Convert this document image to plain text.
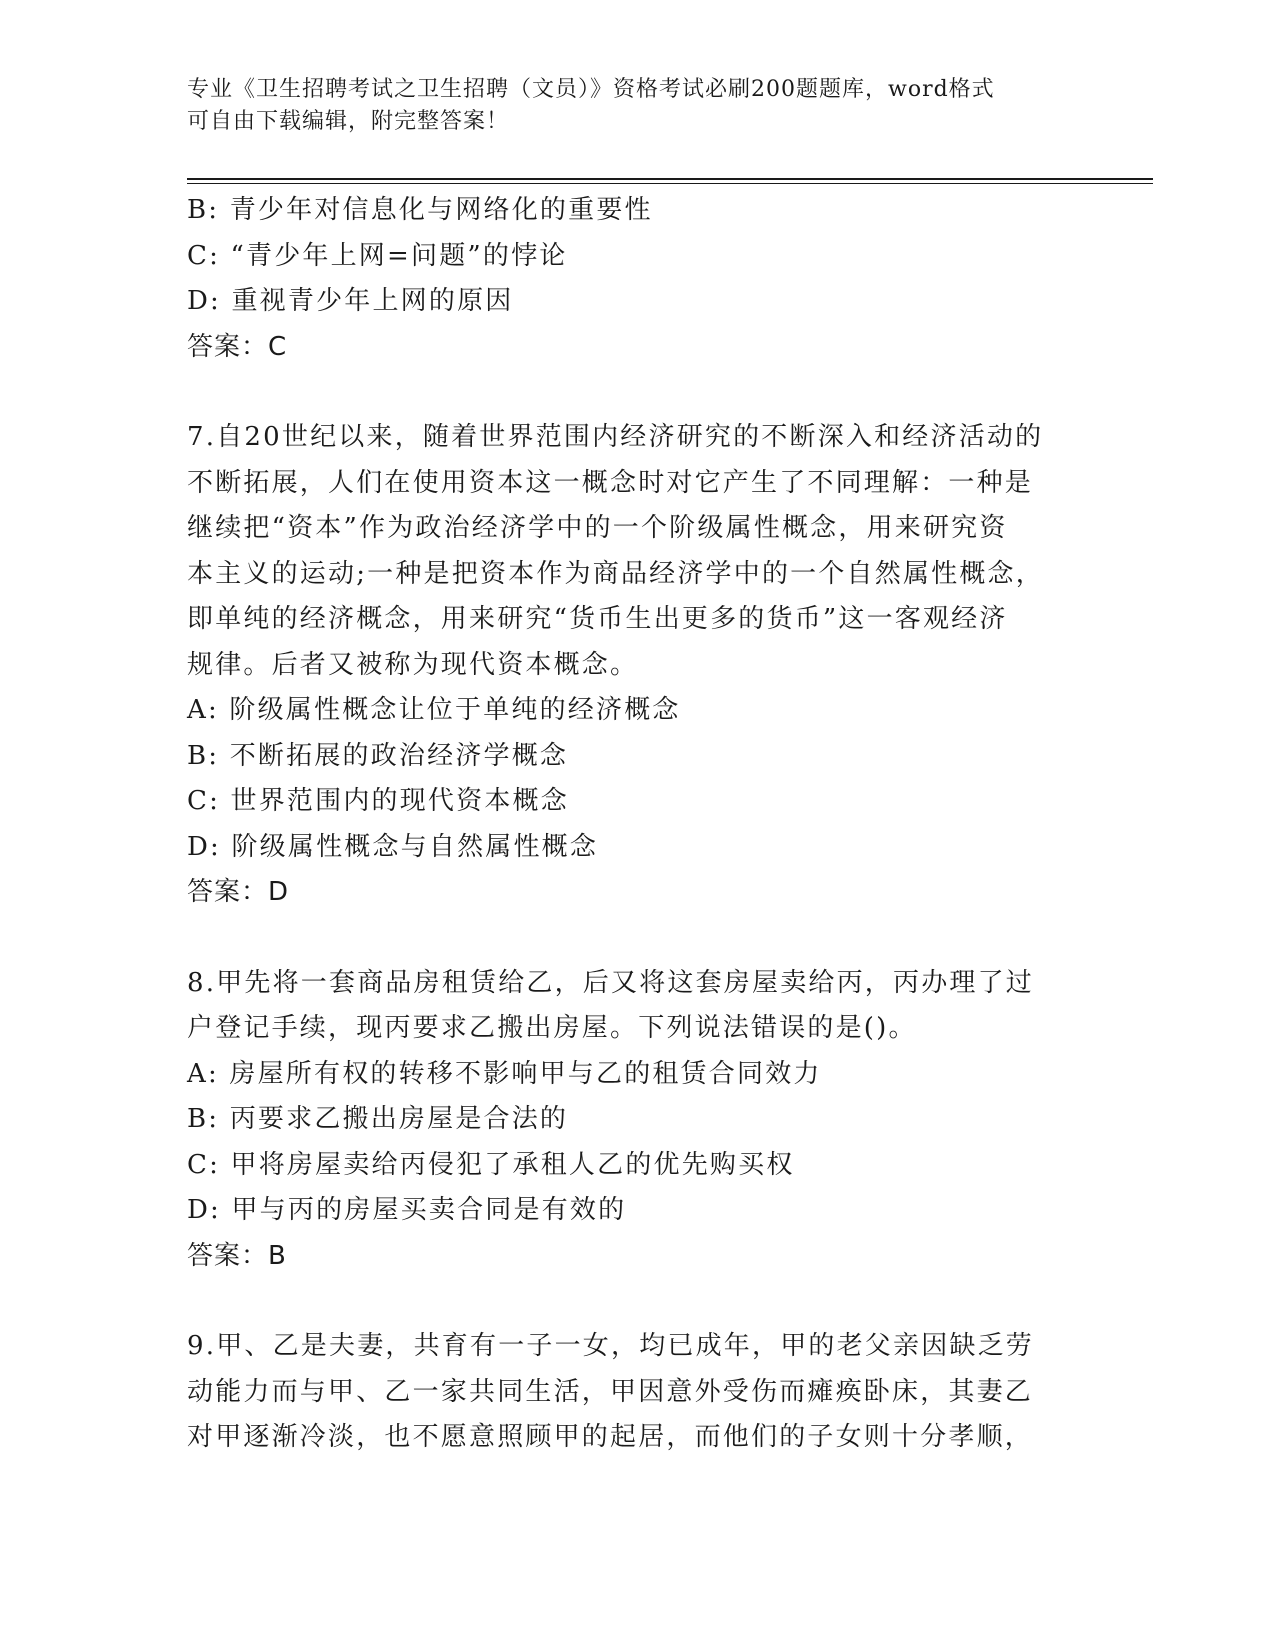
专业《卫生招聘考试之卫生招聘（文员）》资格考试必刷200题题库，word格式
可自由下载编辑，附完整答案！
B: 青少年对信息化与网络化的重要性
C: “青少年上网=问题”的悖论
D: 重视青少年上网的原因
答案：C
7.自20世纪以来，随着世界范围内经济研究的不断深入和经济活动的
不断拓展，人们在使用资本这一概念时对它产生了不同理解：一种是
继续把“资本”作为政治经济学中的一个阶级属性概念，用来研究资
本主义的运动;一种是把资本作为商品经济学中的一个自然属性概念，
即单纯的经济概念，用来研究“货币生出更多的货币”这一客观经济
规律。后者又被称为现代资本概念。
A: 阶级属性概念让位于单纯的经济概念
B: 不断拓展的政治经济学概念
C: 世界范围内的现代资本概念
D: 阶级属性概念与自然属性概念
答案：D
8.甲先将一套商品房租赁给乙，后又将这套房屋卖给丙，丙办理了过
户登记手续，现丙要求乙搬出房屋。下列说法错误的是()。
A: 房屋所有权的转移不影响甲与乙的租赁合同效力
B: 丙要求乙搬出房屋是合法的
C: 甲将房屋卖给丙侵犯了承租人乙的优先购买权
D: 甲与丙的房屋买卖合同是有效的
答案：B
9.甲、乙是夫妻，共育有一子一女，均已成年，甲的老父亲因缺乏劳
动能力而与甲、乙一家共同生活，甲因意外受伤而瘫痪卧床，其妻乙
对甲逐渐冷淡，也不愿意照顾甲的起居，而他们的子女则十分孝顺，
